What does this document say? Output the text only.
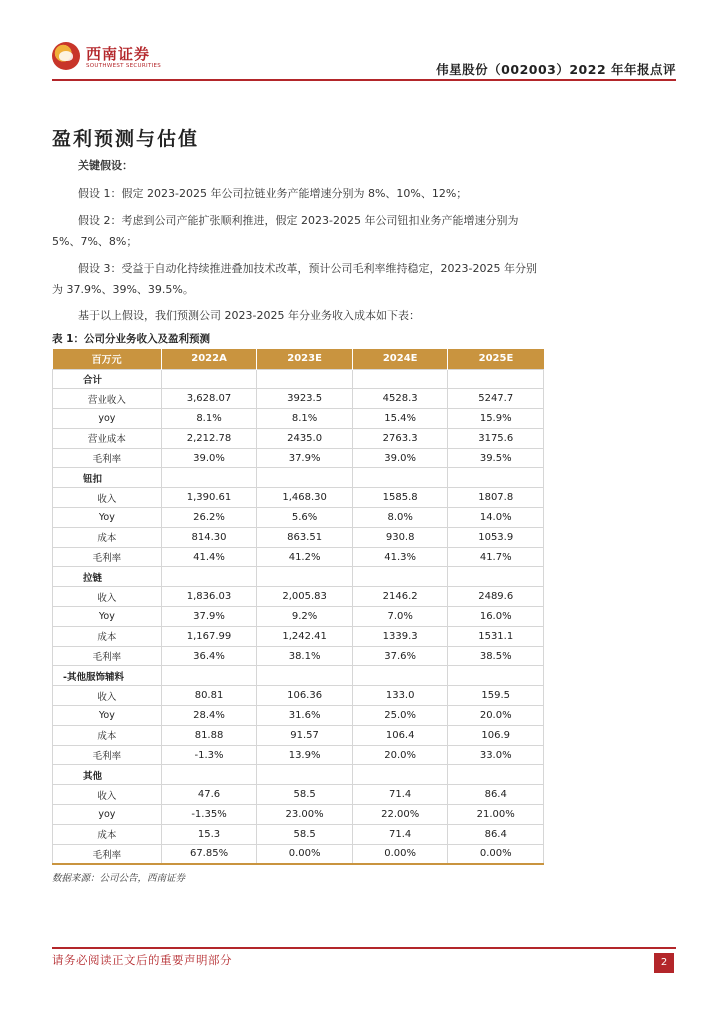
西南证券
SOUTHWEST SECURITIES	伟星股份（002003）2022 年年报点评
盈利预测与估值
关键假设：
假设 1：假定 2023-2025 年公司拉链业务产能增速分别为 8%、10%、12%；
假设 2：考虑到公司产能扩张顺利推进，假定 2023-2025 年公司钮扣业务产能增速分别为 5%、7%、8%；
假设 3：受益于自动化持续推进叠加技术改革，预计公司毛利率维持稳定，2023-2025 年分别为 37.9%、39%、39.5%。
基于以上假设，我们预测公司 2023-2025 年分业务收入成本如下表：
表 1：公司分业务收入及盈利预测
百万元	2022A	2023E	2024E	2025E
合计				
营业收入	3,628.07	3923.5	4528.3	5247.7
yoy	8.1%	8.1%	15.4%	15.9%
营业成本	2,212.78	2435.0	2763.3	3175.6
毛利率	39.0%	37.9%	39.0%	39.5%
钮扣				
收入	1,390.61	1,468.30	1585.8	1807.8
Yoy	26.2%	5.6%	8.0%	14.0%
成本	814.30	863.51	930.8	1053.9
毛利率	41.4%	41.2%	41.3%	41.7%
拉链				
收入	1,836.03	2,005.83	2146.2	2489.6
Yoy	37.9%	9.2%	7.0%	16.0%
成本	1,167.99	1,242.41	1339.3	1531.1
毛利率	36.4%	38.1%	37.6%	38.5%
-其他服饰辅料				
收入	80.81	106.36	133.0	159.5
Yoy	28.4%	31.6%	25.0%	20.0%
成本	81.88	91.57	106.4	106.9
毛利率	-1.3%	13.9%	20.0%	33.0%
其他				
收入	47.6	58.5	71.4	86.4
yoy	-1.35%	23.00%	22.00%	21.00%
成本	15.3	58.5	71.4	86.4
毛利率	67.85%	0.00%	0.00%	0.00%
数据来源：公司公告，西南证券
请务必阅读正文后的重要声明部分	2
